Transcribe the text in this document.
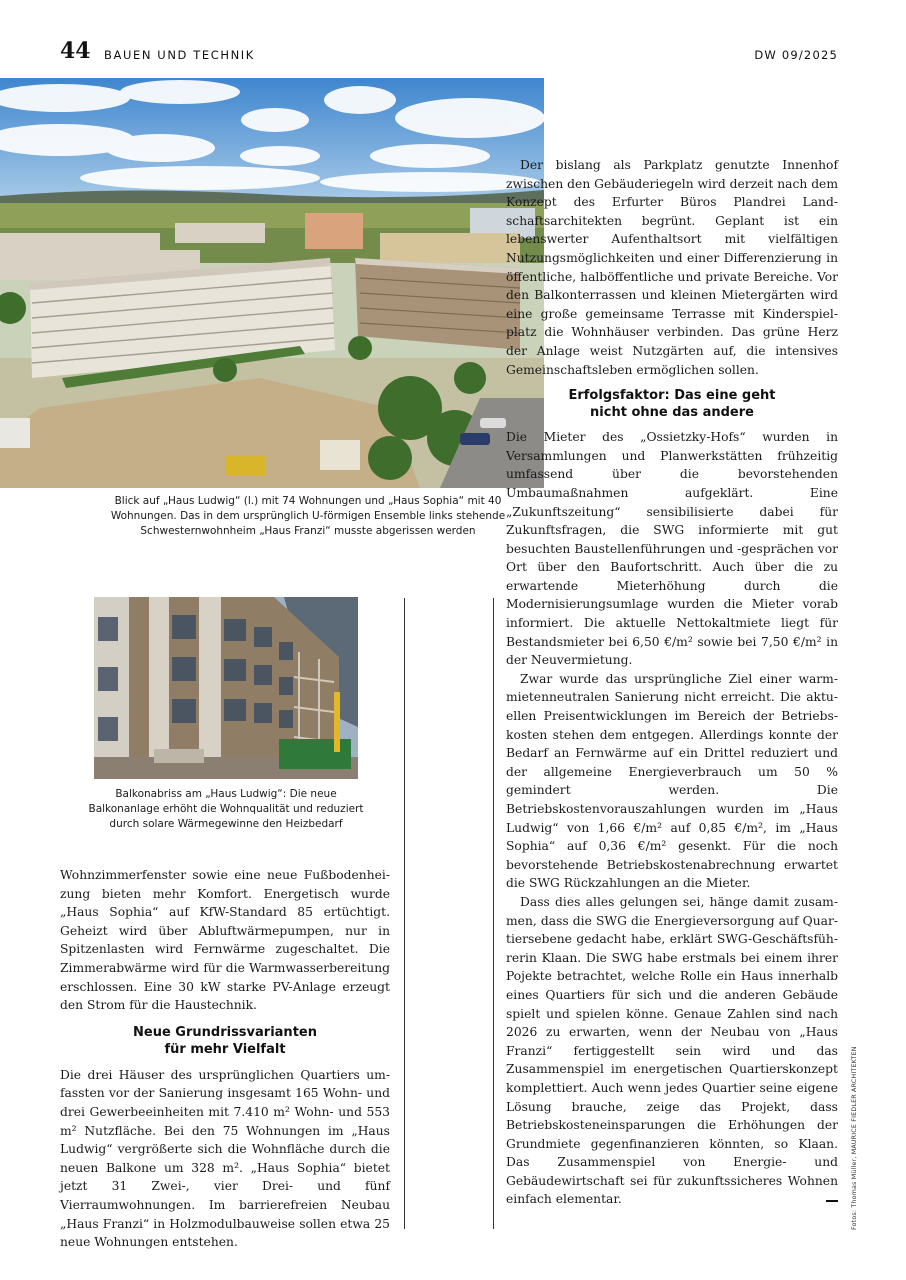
44 BAUEN UND TECHNIK	DW 09/2025
Blick auf „Haus Ludwig“ (l.) mit 74 Wohnungen und „Haus Sophia“ mit 40 Wohnungen. Das in dem ursprünglich U-förmigen Ensemble links stehende Schwesternwohnheim „Haus Franzi“ musste abgerissen werden
Balkonabriss am „Haus Ludwig“: Die neue Balkonanlage erhöht die Wohnqualität und reduziert durch solare Wärmegewinne den Heizbedarf

Wohnzimmerfenster sowie eine neue Fußbodenheizung bieten mehr Komfort. Energetisch wurde „Haus Sophia“ auf KfW-Standard 85 ertüchtigt. Geheizt wird über Abluftwärmepumpen, nur in Spitzenlasten wird Fernwärme zugeschaltet. Die Zimmerabwärme wird für die Warmwasserbereitung erschlossen. Eine 30 kW starke PV-Anlage erzeugt den Strom für die Haustechnik.

Neue Grundrissvarianten
für mehr Vielfalt

Die drei Häuser des ursprünglichen Quartiers umfassten vor der Sanierung insgesamt 165 Wohn- und drei Gewerbeeinheiten mit 7.410 m² Wohn- und 553 m² Nutzfläche. Bei den 75 Wohnungen im „Haus Ludwig“ vergrößerte sich die Wohnfläche durch die neuen Balkone um 328 m². „Haus Sophia“ bietet jetzt 31 Zwei-, vier Drei- und fünf Vierraumwohnungen. Im barrierefreien Neubau „Haus Franzi“ in Holzmodulbauweise sollen etwa 25 neue Wohnungen entstehen.

Der bislang als Parkplatz genutzte Innenhof zwischen den Gebäuderiegeln wird derzeit nach dem Konzept des Erfurter Büros Plandrei Landschaftsarchitekten begrünt. Geplant ist ein lebenswerter Aufenthaltsort mit vielfältigen Nutzungsmöglichkeiten und einer Differenzierung in öffentliche, halböffentliche und private Bereiche. Vor den Balkonterrassen und kleinen Mietergärten wird eine große gemeinsame Terrasse mit Kinderspielplatz die Wohnhäuser verbinden. Das grüne Herz der Anlage weist Nutzgärten auf, die intensives Gemeinschaftsleben ermöglichen sollen.

Erfolgsfaktor: Das eine geht
nicht ohne das andere

Die Mieter des „Ossietzky-Hofs“ wurden in Versammlungen und Planwerkstätten frühzeitig umfassend über die bevorstehenden Umbaumaßnahmen aufgeklärt. Eine „Zukunftszeitung“ sensibilisierte dabei für Zukunftsfragen, die SWG informierte mit gut besuchten Baustellenführungen und -gesprächen vor Ort über den Baufortschritt. Auch über die zu erwartende Mieterhöhung durch die Modernisierungsumlage wurden die Mieter vorab informiert. Die aktuelle Nettokaltmiete liegt für Bestandsmieter bei 6,50 €/m² sowie bei 7,50 €/m² in der Neuvermietung.

Zwar wurde das ursprüngliche Ziel einer warmmietenneutralen Sanierung nicht erreicht. Die aktuellen Preisentwicklungen im Bereich der Betriebskosten stehen dem entgegen. Allerdings konnte der Bedarf an Fernwärme auf ein Drittel reduziert und der allgemeine Energieverbrauch um 50 % gemindert werden. Die Betriebskostenvorauszahlungen wurden im „Haus Ludwig“ von 1,66 €/m² auf 0,85 €/m², im „Haus Sophia“ auf 0,36 €/m² gesenkt. Für die noch bevorstehende Betriebskostenabrechnung erwartet die SWG Rückzahlungen an die Mieter.

Dass dies alles gelungen sei, hänge damit zusammen, dass die SWG die Energieversorgung auf Quartiersebene gedacht habe, erklärt SWG-Geschäftsführerin Klaan. Die SWG habe erstmals bei einem ihrer Pojekte betrachtet, welche Rolle ein Haus innerhalb eines Quartiers für sich und die anderen Gebäude spielt und spielen könne. Genaue Zahlen sind nach 2026 zu erwarten, wenn der Neubau von „Haus Franzi“ fertiggestellt sein wird und das Zusammenspiel im energetischen Quartierskonzept komplettiert. Auch wenn jedes Quartier seine eigene Lösung brauche, zeige das Projekt, dass Betriebskosteneinsparungen die Erhöhungen der Grundmiete gegenfinanzieren könnten, so Klaan. Das Zusammenspiel von Energie- und Gebäudewirtschaft sei für zukunftssicheres Wohnen einfach elementar.	Fotos: Thomas Müller, MAURICE FIEDLER ARCHITEKTEN
